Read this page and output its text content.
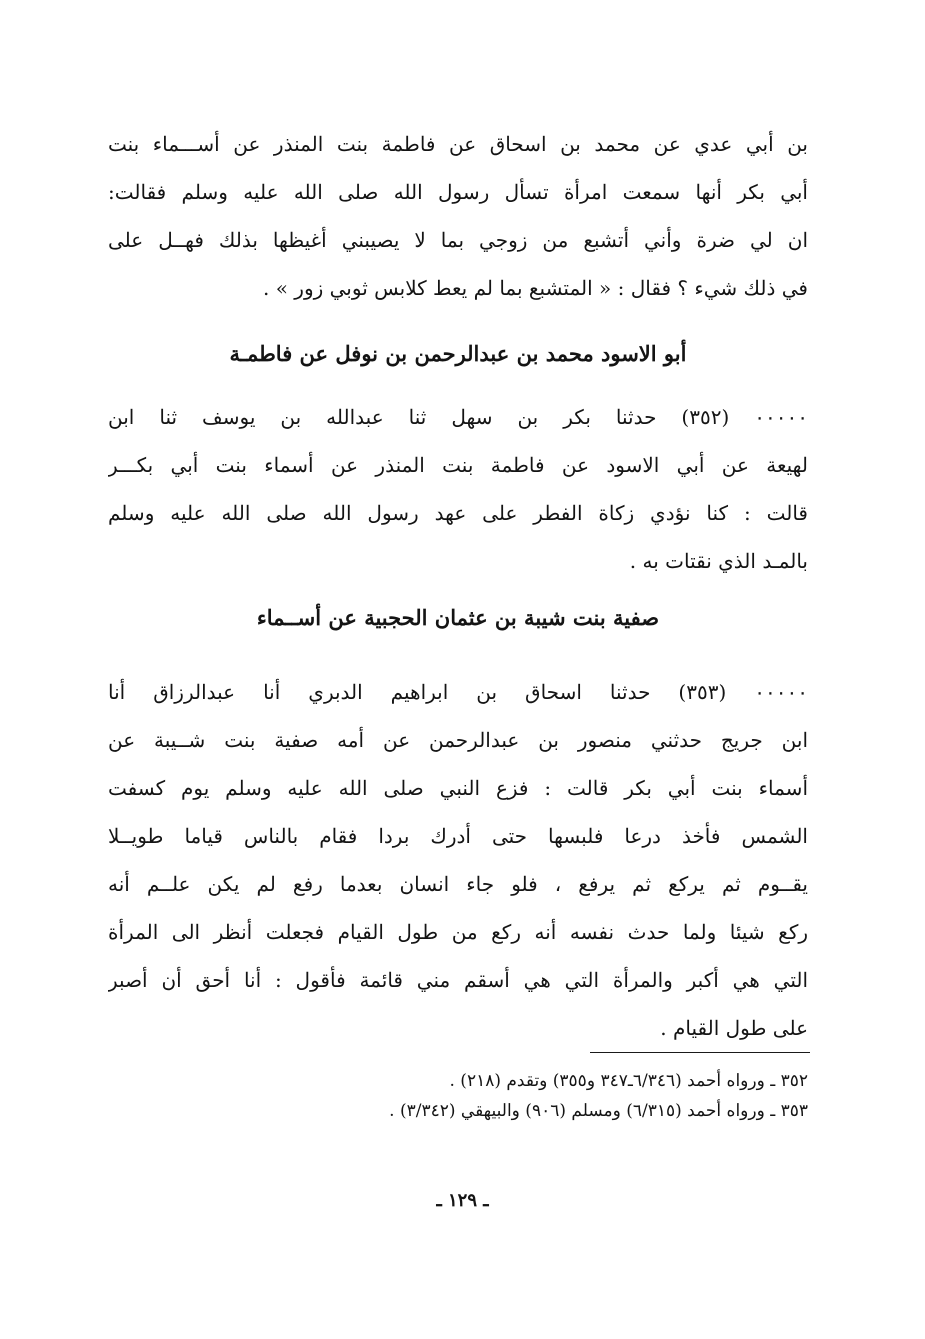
بن أبي عدي عن محمد بن اسحاق عن فاطمة بنت المنذر عن أســـماء بنت
أبي بكر أنها سمعت امرأة تسأل رسول الله صلى الله عليه وسلم فقالت:
ان لي ضرة وأني أتشبع من زوجي بما لا يصيبني أغيظها بذلك فهــل على
في ذلك شيء ؟ فقال : « المتشبع بما لم يعط كلابس ثوبي زور » .
أبو الاسود محمد بن عبدالرحمن بن نوفل عن فاطمـة
٠٠٠٠٠ (٣٥٢) حدثنا بكر بن سهل ثنا عبدالله بن يوسف ثنا ابن
لهيعة عن أبي الاسود عن فاطمة بنت المنذر عن أسماء بنت أبي بكـــر
قالت : كنا نؤدي زكاة الفطر على عهد رسول الله صلى الله عليه وسلم
بالمـد الذي نقتات به .
صفية بنت شيبة بن عثمان الحجبية عن أســماء
٠٠٠٠٠ (٣٥٣) حدثنا اسحاق بن ابراهيم الدبري أنا عبدالرزاق أنا
ابن جريج حدثني منصور بن عبدالرحمن عن أمه صفية بنت شــيبة عن
أسماء بنت أبي بكر قالت : فزع النبي صلى الله عليه وسلم يوم كسفت
الشمس فأخذ درعا فلبسها حتى أدرك بردا فقام بالناس قياما طويــلا
يقــوم ثم يركع ثم يرفع ، فلو جاء انسان بعدما رفع لم يكن علــم أنه
ركع شيئا ولما حدث نفسه أنه ركع من طول القيام فجعلت أنظر الى المرأة
التي هي أكبر والمرأة التي هي أسقم مني قائمة فأقول : أنا أحق أن أصبر
على طول القيام .
٣٥٢ ـ ورواه أحمد (٦/٣٤٦ـ٣٤٧ و٣٥٥) وتقدم (٢١٨) .
٣٥٣ ـ ورواه أحمد (٦/٣١٥) ومسلم (٩٠٦) والبيهقي (٣/٣٤٢) .
ـ ١٢٩ ـ
